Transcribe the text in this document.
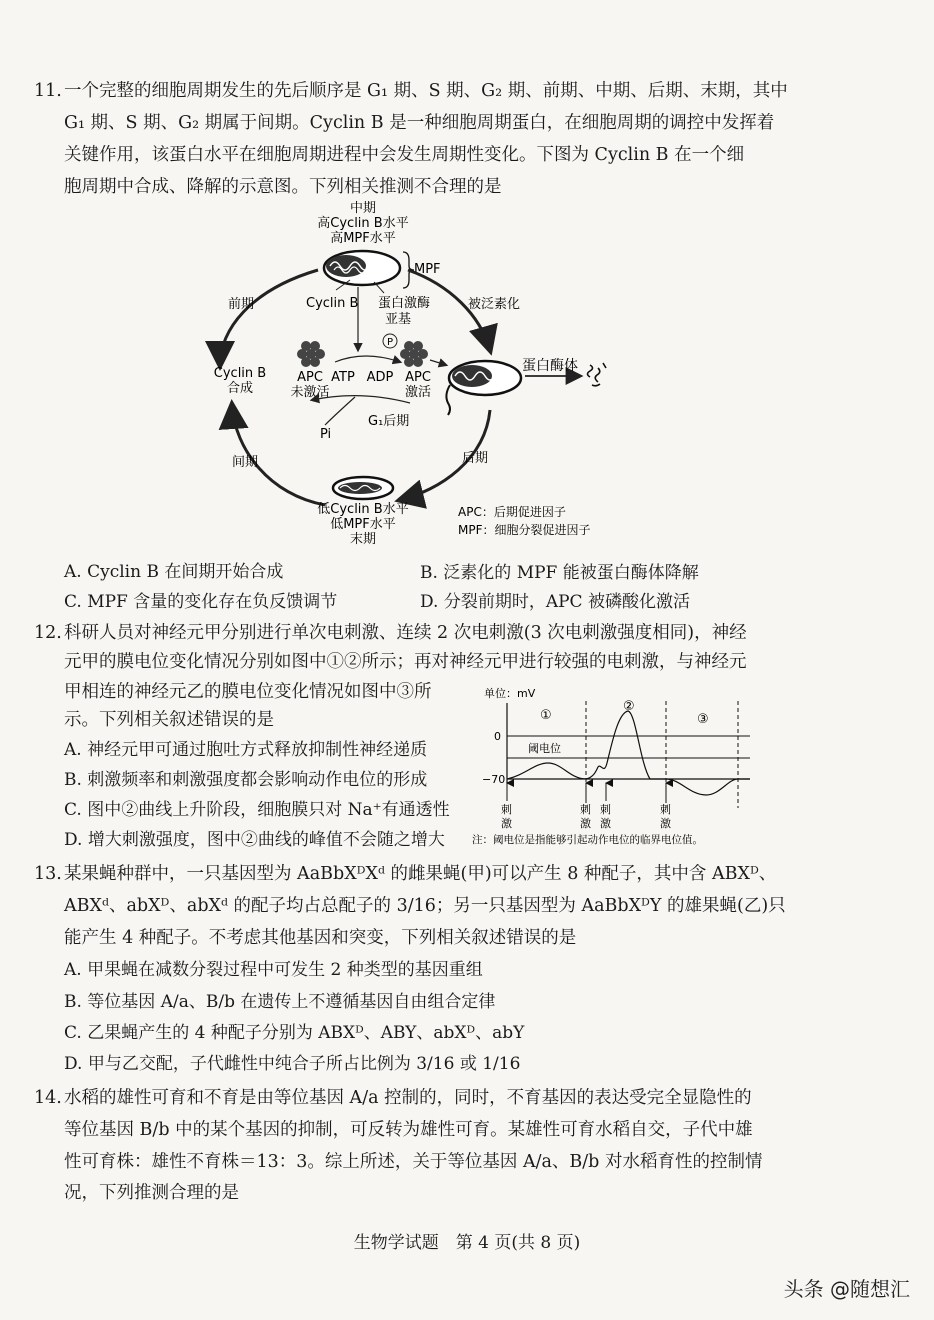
11. 一个完整的细胞周期发生的先后顺序是 G₁ 期、S 期、G₂ 期、前期、中期、后期、末期，其中
G₁ 期、S 期、G₂ 期属于间期。Cyclin B 是一种细胞周期蛋白，在细胞周期的调控中发挥着
关键作用，该蛋白水平在细胞周期进程中会发生周期性变化。下图为 Cyclin B 在一个细
胞周期中合成、降解的示意图。下列相关推测不合理的是
中期
高Cyclin B水平
高MPF水平
MPF
Cyclin B 蛋白激酶
亚基
前期	被泛素化
Cyclin B
合成
APC
未激活
ATP ADP
P
APC
激活
G₁后期
Pi
蛋白酶体
间期	后期
低Cyclin B水平
低MPF水平
末期
APC：后期促进因子
MPF：细胞分裂促进因子
A. Cyclin B 在间期开始合成	B. 泛素化的 MPF 能被蛋白酶体降解
C. MPF 含量的变化存在负反馈调节	D. 分裂前期时，APC 被磷酸化激活
12. 科研人员对神经元甲分别进行单次电刺激、连续 2 次电刺激(3 次电刺激强度相同)，神经
元甲的膜电位变化情况分别如图中①②所示；再对神经元甲进行较强的电刺激，与神经元
甲相连的神经元乙的膜电位变化情况如图中③所
示。下列相关叙述错误的是
A. 神经元甲可通过胞吐方式释放抑制性神经递质
B. 刺激频率和刺激强度都会影响动作电位的形成
C. 图中②曲线上升阶段，细胞膜只对 Na⁺有通透性
D. 增大刺激强度，图中②曲线的峰值不会随之增大
单位：mV
0
−70
阈电位
①
②
③
刺
激
刺
激
刺
激
刺
激
注：阈电位是指能够引起动作电位的临界电位值。
13. 某果蝇种群中，一只基因型为 AaBbXᴰXᵈ 的雌果蝇(甲)可以产生 8 种配子，其中含 ABXᴰ、
ABXᵈ、abXᴰ、abXᵈ 的配子均占总配子的 3/16；另一只基因型为 AaBbXᴰY 的雄果蝇(乙)只
能产生 4 种配子。不考虑其他基因和突变，下列相关叙述错误的是
A. 甲果蝇在减数分裂过程中可发生 2 种类型的基因重组
B. 等位基因 A/a、B/b 在遗传上不遵循基因自由组合定律
C. 乙果蝇产生的 4 种配子分别为 ABXᴰ、ABY、abXᴰ、abY
D. 甲与乙交配，子代雌性中纯合子所占比例为 3/16 或 1/16
14. 水稻的雄性可育和不育是由等位基因 A/a 控制的，同时，不育基因的表达受完全显隐性的
等位基因 B/b 中的某个基因的抑制，可反转为雄性可育。某雄性可育水稻自交，子代中雄
性可育株：雄性不育株＝13：3。综上所述，关于等位基因 A/a、B/b 对水稻育性的控制情
况，下列推测合理的是
生物学试题　第 4 页(共 8 页)
头条 @随想汇
